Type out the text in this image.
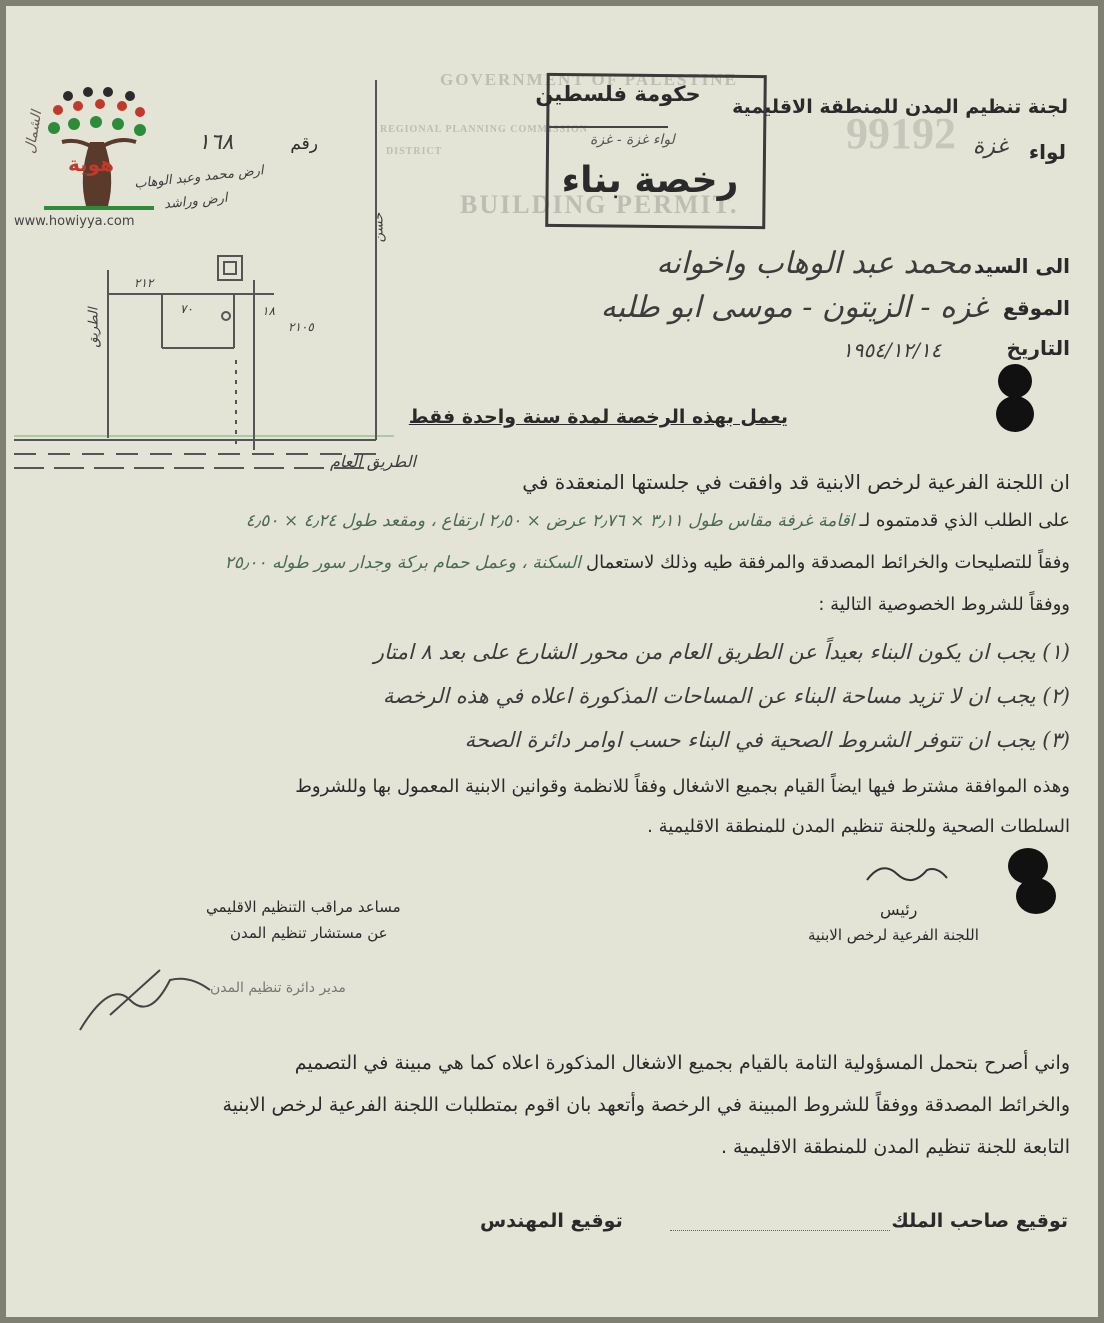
GOVERNMENT OF PALESTINE
REGIONAL PLANNING COMMISSION
DISTRICT
BUILDING PERMIT.
لجنة تنظيم المدن للمنطقة الاقليمية
لواء
غزة
99192
حكومة فلسطين
لواء غزة - غزة
رخصة بناء
هوية
www.howiyya.com
رقم
١٦٨
الشمال
ارض محمد وعبد الوهاب
ارض وراشد
٢١٢
٧٠	١٨
٢١٠٥
الطريق
حسن
الطريق العام
الى السيد
محمد عبد الوهاب واخوانه
الموقع
غزه - الزيتون - موسى ابو طلبه
التاريخ
١٩٥٤/١٢/١٤
يعمل بهذه الرخصة لمدة سنة واحدة فقط
ان اللجنة الفرعية لرخص الابنية قد وافقت في جلستها المنعقدة في
على الطلب الذي قدمتموه لـ اقامة غرفة مقاس طول ٣٫١١ × ٢٫٧٦ عرض × ٢٫٥٠ ارتفاع ، ومقعد طول ٤٫٢٤ × ٤٫٥٠
وفقاً للتصليحات والخرائط المصدقة والمرفقة طيه وذلك لاستعمال السكنة ، وعمل حمام بركة وجدار سور طوله ٢٥٫٠٠
ووفقاً للشروط الخصوصية التالية :
(١) يجب ان يكون البناء بعيداً عن الطريق العام من محور الشارع على بعد ٨ امتار
(٢) يجب ان لا تزيد مساحة البناء عن المساحات المذكورة اعلاه في هذه الرخصة
(٣) يجب ان تتوفر الشروط الصحية في البناء حسب اوامر دائرة الصحة
وهذه الموافقة مشترط فيها ايضاً القيام بجميع الاشغال وفقاً للانظمة وقوانين الابنية المعمول بها وللشروط
السلطات الصحية وللجنة تنظيم المدن للمنطقة الاقليمية .
رئيس
اللجنة الفرعية لرخص الابنية
مساعد مراقب التنظيم الاقليمي
عن مستشار تنظيم المدن
مدير دائرة تنظيم المدن
واني أصرح بتحمل المسؤولية التامة بالقيام بجميع الاشغال المذكورة اعلاه كما هي مبينة في التصميم
والخرائط المصدقة ووفقاً للشروط المبينة في الرخصة وأتعهد بان اقوم بمتطلبات اللجنة الفرعية لرخص الابنية
التابعة للجنة تنظيم المدن للمنطقة الاقليمية .
توقيع صاحب الملك
توقيع المهندس
